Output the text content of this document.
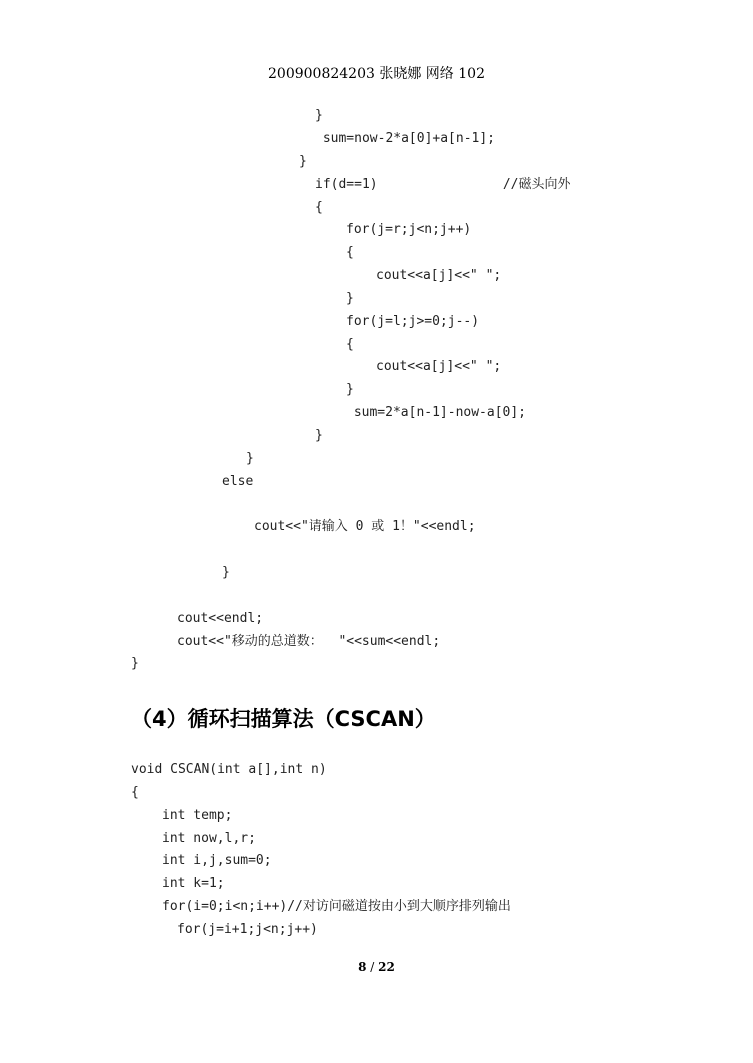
200900824203 张晓娜 网络 102
}
sum=now-2*a[0]+a[n-1];
}
if(d==1)                //磁头向外
{
for(j=r;j<n;j++)
{
cout<<a[j]<<" ";
}
for(j=l;j>=0;j--)
{
cout<<a[j]<<" ";
}
sum=2*a[n-1]-now-a[0];
}
}
else
cout<<"请输入 0 或 1！"<<endl;
}
cout<<endl;
cout<<"移动的总道数：  "<<sum<<endl;
}
（4）循环扫描算法（CSCAN）
void CSCAN(int a[],int n)
{
int temp;
int now,l,r;
int i,j,sum=0;
int k=1;
for(i=0;i<n;i++)//对访问磁道按由小到大顺序排列输出
for(j=i+1;j<n;j++)
8 / 22
